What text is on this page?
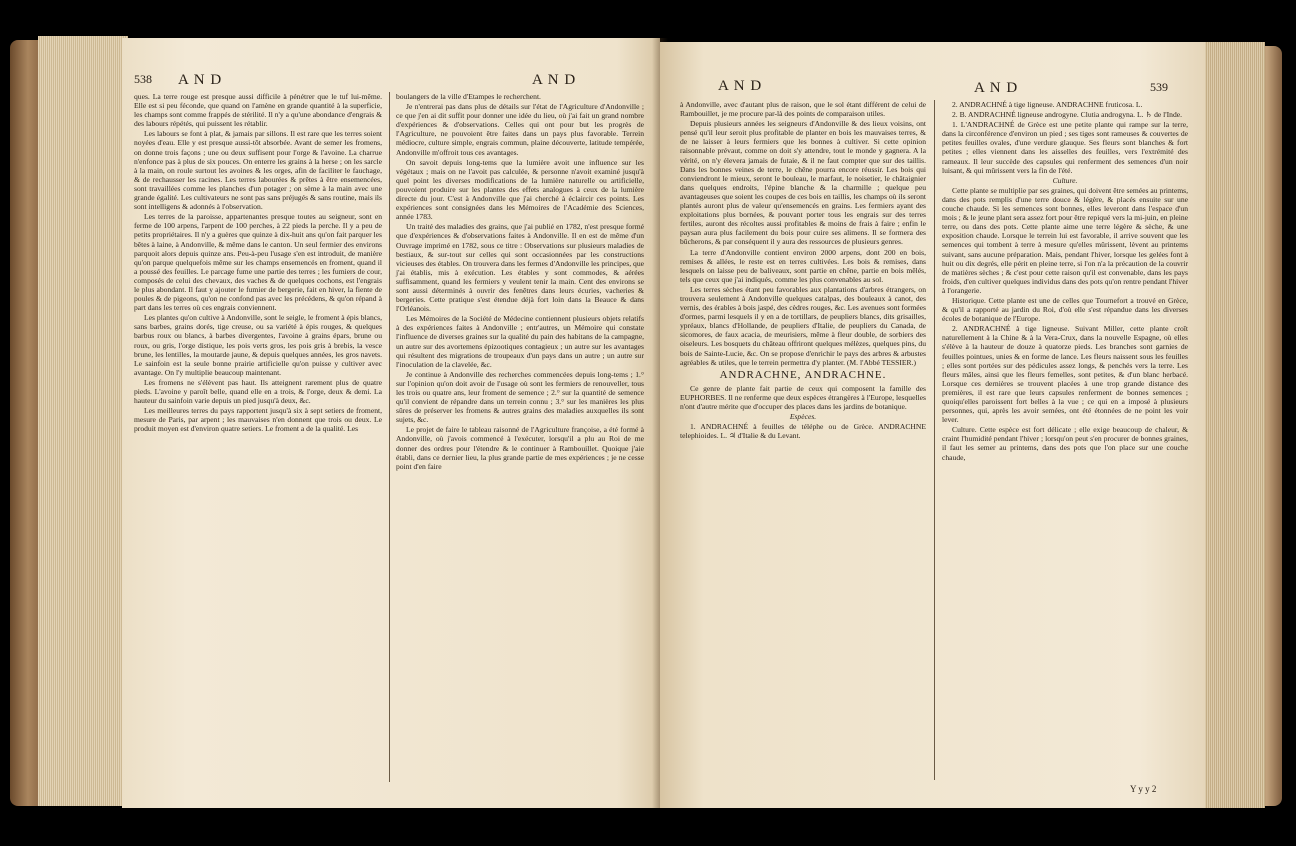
538 A N D	A N D

ques. La terre rouge est presque aussi difficile à pénétrer que le tuf lui-même. Elle est si peu féconde, que quand on l'amène en grande quantité à la superficie, les champs sont comme frappés de stérilité. Il n'y a qu'une abondance d'engrais & des labours répétés, qui puissent les rétablir.

Les labours se font à plat, & jamais par sillons. Il est rare que les terres soient noyées d'eau. Elle y est presque aussi-tôt absorbée. Avant de semer les fromens, on donne trois façons ; une ou deux suffisent pour l'orge & l'avoine. La charrue n'enfonce pas à plus de six pouces. On enterre les grains à la herse ; on les sarcle à la main, on roule surtout les avoines & les orges, afin de faciliter le fauchage, & de rechausser les racines. Les terres labourées & prêtes à être ensemencées, sont travaillées comme les planches d'un potager ; on sème à la main avec une grande égalité. Les cultivateurs ne sont pas sans préjugés & sans routine, mais ils sont intelligens & adonnés à l'observation.

Les terres de la paroisse, appartenantes presque toutes au seigneur, sont en ferme de 100 arpens, l'arpent de 100 perches, à 22 pieds la perche. Il y a peu de petits propriétaires. Il n'y a guères que quinze à dix-huit ans qu'on fait parquer les bêtes à laine, à Andonville, & même dans le canton. Un seul fermier des environs parquoit alors depuis quinze ans. Peu-à-peu l'usage s'en est introduit, de manière qu'on parque quelquefois même sur les champs ensemencés en froment, quand il a poussé des feuilles. Le parcage fume une partie des terres ; les fumiers de cour, composés de celui des chevaux, des vaches & de quelques cochons, est l'engrais le plus abondant. Il faut y ajouter le fumier de bergerie, fait en hiver, la fiente de poules & de pigeons, qu'on ne confond pas avec les précédens, & qu'on répand à part dans les terres où ces engrais conviennent.

Les plantes qu'on cultive à Andonville, sont le seigle, le froment à épis blancs, sans barbes, grains dorés, tige creuse, ou sa variété à épis rouges, & quelques barbus roux ou blancs, à barbes divergentes, l'avoine à grains épars, brune ou roux, ou gris, l'orge distique, les pois verts gros, les pois gris à brebis, la vesce brune, les lentilles, la moutarde jaune, & depuis quelques années, les gros navets. Le sainfoin est la seule bonne prairie artificielle qu'on puisse y cultiver avec avantage. On l'y multiplie beaucoup maintenant.

Les fromens ne s'élèvent pas haut. Ils atteignent rarement plus de quatre pieds. L'avoine y paroît belle, quand elle en a trois, & l'orge, deux & demi. La hauteur du sainfoin varie depuis un pied jusqu'à deux, &c.

Les meilleures terres du pays rapportent jusqu'à six à sept setiers de froment, mesure de Paris, par arpent ; les mauvaises n'en donnent que trois ou deux. Le produit moyen est d'environ quatre setiers. Le froment a de la qualité. Les

boulangers de la ville d'Etampes le recherchent.

Je n'entrerai pas dans plus de détails sur l'état de l'Agriculture d'Andonville ; ce que j'en ai dit suffit pour donner une idée du lieu, où j'ai fait un grand nombre d'expériences & d'observations. Celles qui ont pour but les progrès de l'Agriculture, ne pouvoient être faites dans un pays plus favorable. Terrein médiocre, culture simple, engrais commun, plaine découverte, latitude tempérée, Andonville m'offroit tous ces avantages.

On savoit depuis long-tems que la lumière avoit une influence sur les végétaux ; mais on ne l'avoit pas calculée, & personne n'avoit examiné jusqu'à quel point les diverses modifications de la lumière naturelle ou artificielle, pouvoient produire sur les plantes des effets analogues à ceux de la lumière directe du jour. C'est à Andonville que j'ai cherché à éclaircir ces points. Les expériences sont consignées dans les Mémoires de l'Académie des Sciences, année 1783.

Un traité des maladies des grains, que j'ai publié en 1782, n'est presque formé que d'expériences & d'observations faites à Andonville. Il en est de même d'un Ouvrage imprimé en 1782, sous ce titre : Observations sur plusieurs maladies de bestiaux, & sur-tout sur celles qui sont occasionnées par les constructions vicieuses des étables. On trouvera dans les fermes d'Andonville les principes, que j'ai établis, mis à exécution. Les étables y sont commodes, & aérées suffisamment, quand les fermiers y veulent tenir la main. Cent des environs se sont aussi déterminés à ouvrir des fenêtres dans leurs écuries, vacheries & bergeries. Cette pratique s'est étendue déjà fort loin dans la Beauce & dans l'Orléanois.

Les Mémoires de la Société de Médecine contiennent plusieurs objets relatifs à des expériences faites à Andonville ; entr'autres, un Mémoire qui constate l'influence de diverses graines sur la qualité du pain des habitans de la campagne, un autre sur des avortemens épizootiques contagieux ; un autre sur les avantages qui résultent des migrations de troupeaux d'un pays dans un autre ; un autre sur l'inoculation de la clavelée, &c.

Je continue à Andonville des recherches commencées depuis long-tems ; 1.° sur l'opinion qu'on doit avoir de l'usage où sont les fermiers de renouveller, tous les trois ou quatre ans, leur froment de semence ; 2.° sur la quantité de semence qu'il convient de répandre dans un terrein connu ; 3.° sur les manières les plus sûres de préserver les fromens & autres grains des maladies auxquelles ils sont sujets, &c.

Le projet de faire le tableau raisonné de l'Agriculture françoise, a été formé à Andonville, où j'avois commencé à l'exécuter, lorsqu'il a plu au Roi de me donner des ordres pour l'étendre & le continuer à Rambouillet. Quoique j'aie établi, dans ce dernier lieu, la plus grande partie de mes expériences ; je ne cesse point d'en faire

A N D	A N D	539

à Andonville, avec d'autant plus de raison, que le sol étant différent de celui de Rambouillet, je me procure par-là des points de comparaison utiles.

Depuis plusieurs années les seigneurs d'Andonville & des lieux voisins, ont pensé qu'il leur seroit plus profitable de planter en bois les mauvaises terres, & de ne laisser à leurs fermiers que les bonnes à cultiver. Si cette opinion raisonnable prévaut, comme on doit s'y attendre, tout le monde y gagnera. A la vérité, on n'y élevera jamais de futaie, & il ne faut compter que sur des taillis. Dans les bonnes veines de terre, le chêne pourra encore réussir. Les bois qui conviendront le mieux, seront le bouleau, le marfaut, le noisetier, le châtaignier dans quelques endroits, l'épine blanche & la charmille ; quelque peu avantageuses que soient les coupes de ces bois en taillis, les champs où ils seront plantés auront plus de valeur qu'ensemencés en grains. Les fermiers ayant des exploitations plus bornées, & pouvant porter tous les engrais sur des terres fertiles, auront des récoltes aussi profitables & moins de frais à faire ; enfin le paysan aura plus facilement du bois pour cuire ses alimens. Il se formera des bûcherons, & par conséquent il y aura des ressources de plusieurs genres.

La terre d'Andonville contient environ 2000 arpens, dont 200 en bois, remises & allées, le reste est en terres cultivées. Les bois & remises, dans lesquels on laisse peu de baliveaux, sont partie en chêne, partie en bois mêlés, tels que ceux que j'ai indiqués, comme les plus convenables au sol.

Les terres sèches étant peu favorables aux plantations d'arbres étrangers, on trouvera seulement à Andonville quelques catalpas, des bouleaux à canot, des vernis, des érables à bois jaspé, des cèdres rouges, &c. Les avenues sont formées d'ormes, parmi lesquels il y en a de tortillars, de peupliers blancs, dits grisailles, ypréaux, blancs d'Hollande, de peupliers d'Italie, de peupliers du Canada, de sicomores, de faux acacia, de meurisiers, même à fleur double, de sorbiers des oiseleurs. Les bosquets du château offriront quelques mélèzes, quelques pins, du bois de Sainte-Lucie, &c. On se propose d'enrichir le pays des arbres & arbustes agréables & utiles, que le terrein permettra d'y planter. (M. l'Abbé TESSIER.)

ANDRACHNE, ANDRACHNE.

Ce genre de plante fait partie de ceux qui composent la famille des EUPHORBES. Il ne renferme que deux espèces étrangères à l'Europe, lesquelles n'ont d'autre mérite que d'occuper des places dans les jardins de botanique.

Espèces.

1. ANDRACHNÉ à feuilles de téléphe ou de Grèce. ANDRACHNE telephioides. L. ♃ d'Italie & du Levant.

2. ANDRACHNÉ à tige ligneuse. ANDRACHNE fruticosa. L.

2. B. ANDRACHNÉ ligneuse androgyne. Clutia androgyna. L. ♄ de l'Inde.

1. L'ANDRACHNÉ de Grèce est une petite plante qui rampe sur la terre, dans la circonférence d'environ un pied ; ses tiges sont rameuses & couvertes de petites feuilles ovales, d'une verdure glauque. Ses fleurs sont blanches & fort petites ; elles viennent dans les aisselles des feuilles, vers l'extrémité des rameaux. Il leur succède des capsules qui renferment des semences d'un noir luisant, & qui mûrissent vers la fin de l'été.

Culture.

Cette plante se multiplie par ses graines, qui doivent être semées au printems, dans des pots remplis d'une terre douce & légère, & placés ensuite sur une couche chaude. Si les semences sont bonnes, elles leveront dans l'espace d'un mois ; & le jeune plant sera assez fort pour être repiqué vers la mi-juin, en pleine terre, ou dans des pots. Cette plante aime une terre légère & sèche, & une exposition chaude. Lorsque le terrein lui est favorable, il arrive souvent que les semences qui tombent à terre à mesure qu'elles mûrissent, lèvent au printems suivant, sans aucune préparation. Mais, pendant l'hiver, lorsque les gelées font à huit ou dix degrés, elle périt en pleine terre, si l'on n'a la précaution de la couvrir de matières sèches ; & c'est pour cette raison qu'il est convenable, dans les pays froids, d'en cultiver quelques individus dans des pots qu'on rentre pendant l'hiver à l'orangerie.

Historique. Cette plante est une de celles que Tournefort a trouvé en Grèce, & qu'il a rapporté au jardin du Roi, d'où elle s'est répandue dans les diverses écoles de botanique de l'Europe.

2. ANDRACHNÉ à tige ligneuse. Suivant Miller, cette plante croît naturellement à la Chine & à la Vera-Crux, dans la nouvelle Espagne, où elles s'élève à la hauteur de douze à quatorze pieds. Les branches sont garnies de feuilles pointues, unies & en forme de lance. Les fleurs naissent sous les feuilles ; elles sont portées sur des pédicules assez longs, & penchés vers la terre. Les fleurs mâles, ainsi que les fleurs femelles, sont petites, & d'un blanc herbacé. Lorsque ces dernières se trouvent placées à une trop grande distance des premières, il est rare que leurs capsules renferment de bonnes semences ; quoiqu'elles paroissent fort belles à la vue ; ce qui en a imposé à plusieurs personnes, qui, après les avoir semées, ont été étonnées de ne point les voir lever.

Culture. Cette espèce est fort délicate ; elle exige beaucoup de chaleur, & craint l'humidité pendant l'hiver ; lorsqu'on peut s'en procurer de bonnes graines, il faut les semer au printems, dans des pots que l'on place sur une couche chaude,

Y y y 2
